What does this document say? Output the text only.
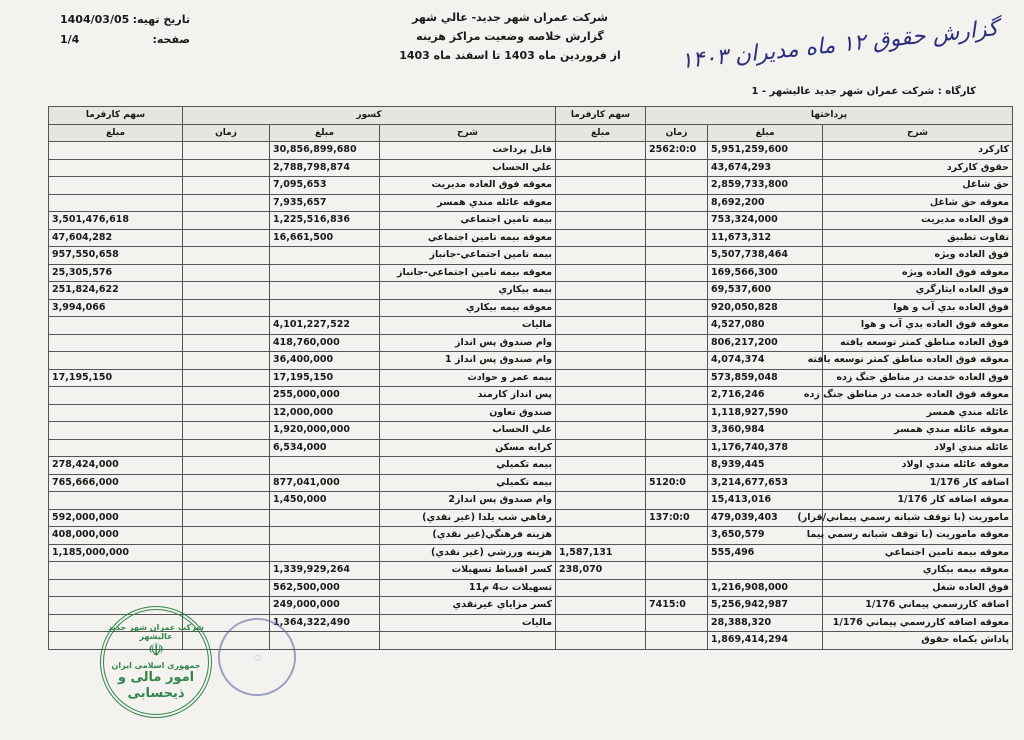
شرکت عمران شهر جديد- عالي شهر
گزارش خلاصه وضعيت مراکز هزينه
از فروردين ماه 1403 تا اسفند ماه 1403
تاريخ تهيه:
1404/03/05
صفحه:
1/4
گزارش حقوق ۱۲ ماه مدیران ۱۴۰۳
کارگاه : شرکت عمران شهر جديد عاليشهر - 1
پرداختها			سهم کارفرما	کسور			سهم کارفرما
شرح	مبلغ	زمان	مبلغ	شرح	مبلغ	زمان	مبلغ
کارکرد	5,951,259,600	2562:0:0		قابل پرداخت	30,856,899,680		
حقوق کارکرد	43,674,293			علي الحساب	2,788,798,874		
حق شاغل	2,859,733,800			معوقه فوق العاده مديريت	7,095,653		
معوقه حق شاغل	8,692,200			معوقه عائله مندي همسر	7,935,657		
فوق العاده مديريت	753,324,000			بيمه تامين اجتماعي	1,225,516,836		3,501,476,618
تفاوت تطبيق	11,673,312			معوقه بيمه تامين اجتماعي	16,661,500		47,604,282
فوق العاده ويژه	5,507,738,464			بيمه تامين اجتماعي-جانباز			957,550,658
معوقه فوق العاده ويژه	169,566,300			معوقه بيمه تامين اجتماعي-جانباز			25,305,576
فوق العاده ايثارگري	69,537,600			بيمه بيکاري			251,824,622
فوق العاده بدي آب و هوا	920,050,828			معوقه بيمه بيکاري			3,994,066
معوقه فوق العاده بدي آب و هوا	4,527,080			ماليات	4,101,227,522		
فوق العاده مناطق کمتر توسعه يافته	806,217,200			وام صندوق پس انداز	418,760,000		
معوقه فوق العاده مناطق کمتر توسعه يافته	4,074,374			وام صندوق پس انداز 1	36,400,000		
فوق العاده خدمت در مناطق جنگ زده	573,859,048			بيمه عمر و حوادث	17,195,150		17,195,150
معوقه فوق العاده خدمت در مناطق جنگ زده	2,716,246			پس انداز کارمند	255,000,000		
عائله مندي همسر	1,118,927,590			صندوق تعاون	12,000,000		
معوقه عائله مندي همسر	3,360,984			علي الحساب	1,920,000,000		
عائله مندي اولاد	1,176,740,378			کرايه مسکن	6,534,000		
معوقه عائله مندي اولاد	8,939,445			بيمه تکميلي			278,424,000
اضافه کار 1/176	3,214,677,653	5120:0		بيمه تکميلي	877,041,000		765,666,000
معوقه اضافه کار 1/176	15,413,016			وام صندوق پس انداز2	1,450,000		
ماموريت (با توقف شبانه رسمي پيماني/قرار)	479,039,403	137:0:0		رفاهي شب يلدا (غير نقدي)			592,000,000
معوقه ماموريت (با توقف شبانه رسمي پيما	3,650,579			هزينه فرهنگي(غير نقدي)			408,000,000
معوقه بيمه تامين اجتماعي	555,496		1,587,131	هزينه ورزشي (غير نقدي)			1,185,000,000
معوقه بيمه بيکاري			238,070	کسر اقساط تسهيلات	1,339,929,264		
فوق العاده شغل	1,216,908,000			تسهيلات ت4 م11	562,500,000		
اضافه کاررسمي پيماني 1/176	5,256,942,987	7415:0		کسر مزاياي غيرنقدي	249,000,000		
معوقه اضافه کاررسمي پيماني 1/176	28,388,320			ماليات	1,364,322,490		
پاداش يکماه حقوق	1,869,414,294						
شرکت عمران شهر جدید عالیشهر
☫
جمهوری اسلامی ایران
امور مالی و ذیحسابی
◌
